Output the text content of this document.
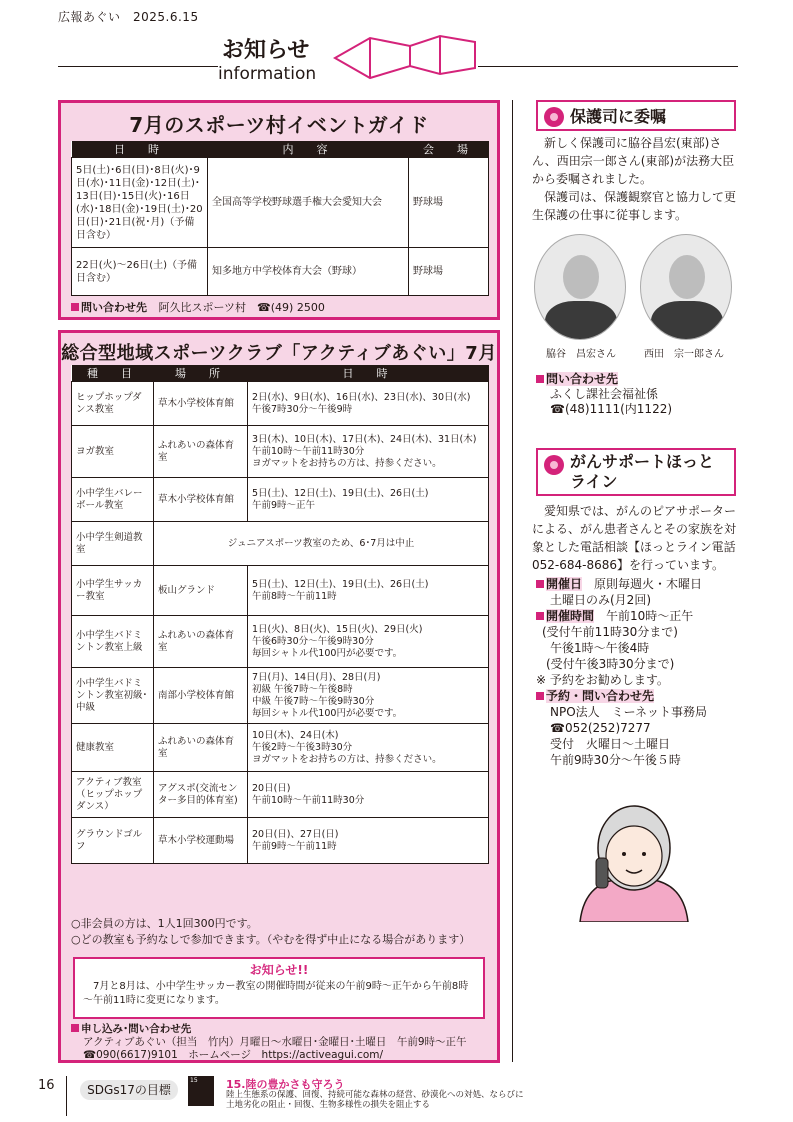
広報あぐい　2025.6.15
お知らせ
information
7月のスポーツ村イベントガイド
日　時	内　容	会　場
5日(土)･6日(日)･8日(火)･9日(水)･11日(金)･12日(土)･13日(日)･15日(火)･16日(水)･18日(金)･19日(土)･20日(日)･21日(祝･月)（予備日含む）	全国高等学校野球選手権大会愛知大会	野球場
22日(火)～26日(土)（予備日含む）	知多地方中学校体育大会（野球）	野球場
問い合わせ先 阿久比スポーツ村　☎(49) 2500
総合型地域スポーツクラブ「アクティブあぐい」7月
種　目	場　所	日　時
ヒップホップダンス教室	草木小学校体育館	2日(水)、9日(水)、16日(水)、23日(水)、30日(水)
午後7時30分～午後9時
ヨガ教室	ふれあいの森体育室	3日(木)、10日(木)、17日(木)、24日(木)、31日(木)
午前10時～午前11時30分
ヨガマットをお持ちの方は、持参ください。
小中学生バレーボール教室	草木小学校体育館	5日(土)、12日(土)、19日(土)、26日(土)
午前9時～正午
小中学生剣道教室	ジュニアスポーツ教室のため、6･7月は中止	
小中学生サッカー教室	板山グランド	5日(土)、12日(土)、19日(土)、26日(土)
午前8時～午前11時
小中学生バドミントン教室上級	ふれあいの森体育室	1日(火)、8日(火)、15日(火)、29日(火)
午後6時30分～午後9時30分
毎回シャトル代100円が必要です。
小中学生バドミントン教室初級･中級	南部小学校体育館	7日(月)、14日(月)、28日(月)
初級 午後7時～午後8時
中級 午後7時～午後9時30分
毎回シャトル代100円が必要です。
健康教室	ふれあいの森体育室	10日(木)、24日(木)
午後2時～午後3時30分
ヨガマットをお持ちの方は、持参ください。
アクティブ教室（ヒップホップダンス）	アグスポ(交流センター多目的体育室)	20日(日)
午前10時～午前11時30分
グラウンドゴルフ	草木小学校運動場	20日(日)、27日(日)
午前9時～午前11時
○非会員の方は、1人1回300円です。
○どの教室も予約なしで参加できます。（やむを得ず中止になる場合があります）
お知らせ!!
7月と8月は、小中学生サッカー教室の開催時間が従来の午前9時～正午から午前8時～午前11時に変更になります。
申し込み･問い合わせ先
アクティブあぐい（担当　竹内）月曜日～水曜日･金曜日･土曜日　午前9時～正午
☎090(6617)9101　ホームページ　https://activeagui.com/
保護司に委嘱
新しく保護司に脇谷昌宏(東部)さん、西田宗一郎さん(東部)が法務大臣から委嘱されました。
保護司は、保護観察官と協力して更生保護の仕事に従事します。
脇谷　昌宏さん	西田　宗一郎さん
問い合わせ先
ふくし課社会福祉係
☎(48)1111(内1122)
がんサポートほっとライン
愛知県では、がんのピアサポーターによる、がん患者さんとその家族を対象とした電話相談【ほっとライン電話　052-684-8686】を行っています。
開催日　 原則毎週火・木曜日
土曜日のみ(月2回)
開催時間　 午前10時～正午
(受付午前11時30分まで)
午後1時～午後4時
(受付午後3時30分まで)
※ 予約をお勧めします。
予約・問い合わせ先
NPO法人　ミーネット事務局
☎052(252)7277
受付　火曜日～土曜日
午前9時30分～午後５時
16	SDGs17の目標
15	15.陸の豊かさも守ろう
陸上生態系の保護、回復、持続可能な森林の経営、砂漠化への対処、ならびに土地劣化の阻止・回復、生物多様性の損失を阻止する
